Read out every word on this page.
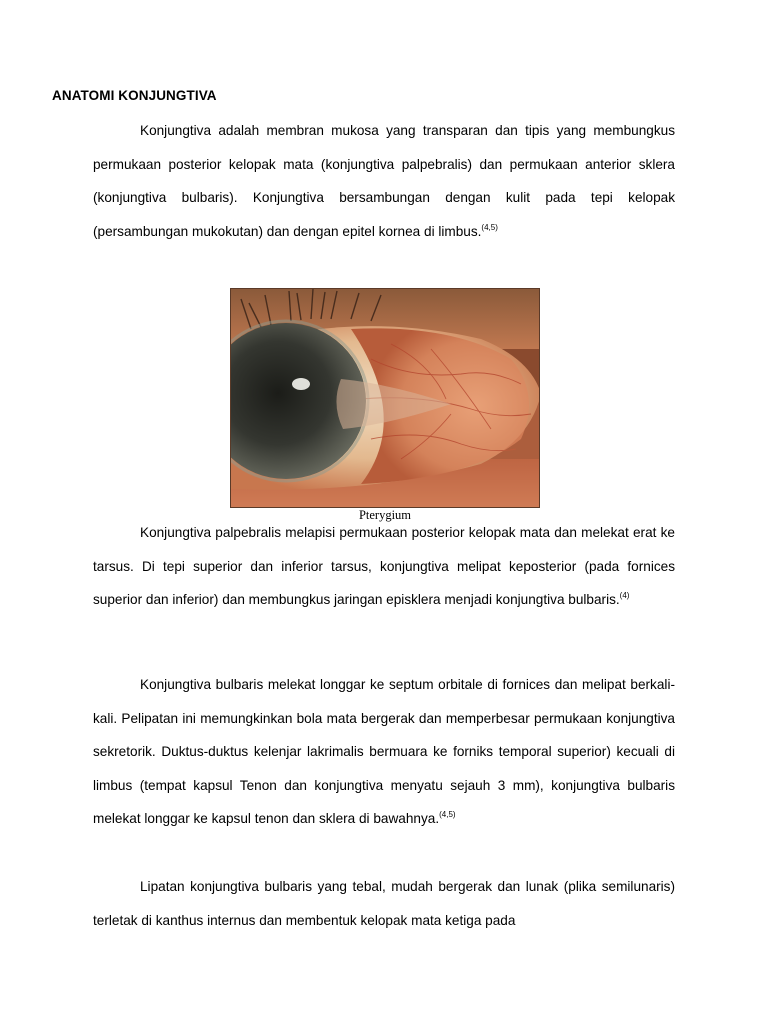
ANATOMI KONJUNGTIVA

Konjungtiva adalah membran mukosa yang transparan dan tipis yang membungkus permukaan posterior kelopak mata (konjungtiva palpebralis) dan permukaan anterior sklera (konjungtiva bulbaris). Konjungtiva bersambungan dengan kulit pada tepi kelopak (persambungan mukokutan) dan dengan epitel kornea di limbus.$^{(4,5)}$

Pterygium

Konjungtiva palpebralis melapisi permukaan posterior kelopak mata dan melekat erat ke tarsus. Di tepi superior dan inferior tarsus, konjungtiva melipat keposterior (pada fornices superior dan inferior) dan membungkus jaringan episklera menjadi konjungtiva bulbaris.$^{(4)}$

Konjungtiva bulbaris melekat longgar ke septum orbitale di fornices dan melipat berkali-kali. Pelipatan ini memungkinkan bola mata bergerak dan memperbesar permukaan konjungtiva sekretorik. Duktus-duktus kelenjar lakrimalis bermuara ke forniks temporal superior) kecuali di limbus (tempat kapsul Tenon dan konjungtiva menyatu sejauh 3 mm), konjungtiva bulbaris melekat longgar ke kapsul tenon dan sklera di bawahnya.$^{(4,5)}$

Lipatan konjungtiva bulbaris yang tebal, mudah bergerak dan lunak (plika semilunaris) terletak di kanthus internus dan membentuk kelopak mata ketiga pada
